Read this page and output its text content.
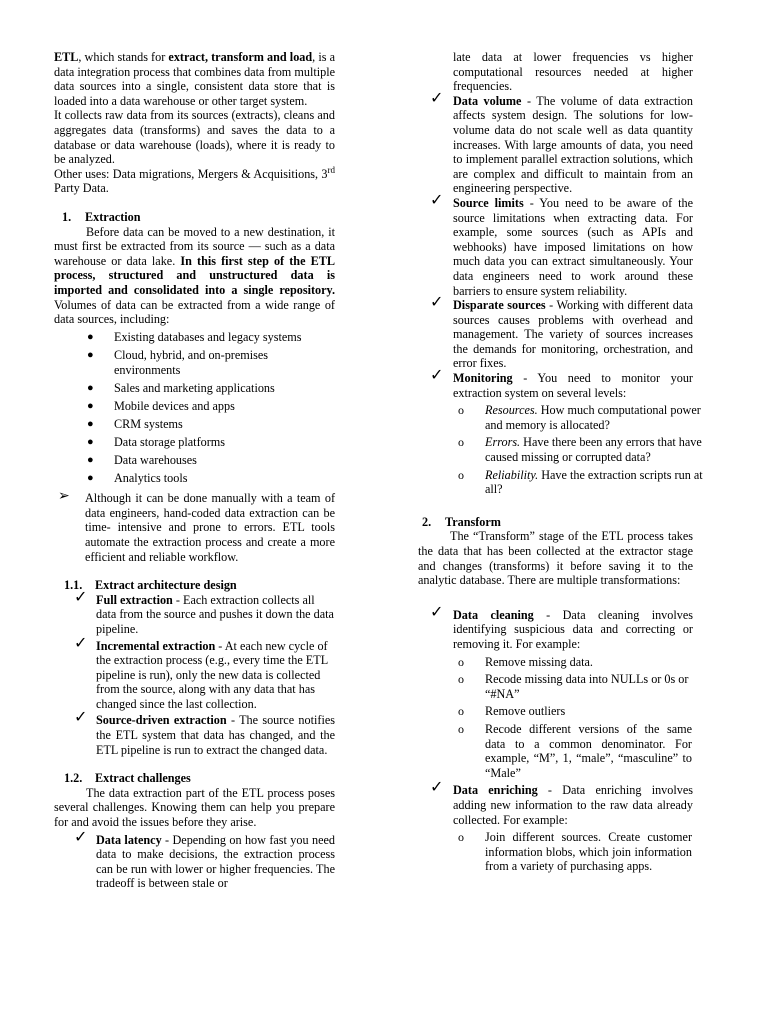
ETL, which stands for extract, transform and load, is a data integration process that combines data from multiple data sources into a single, consistent data store that is loaded into a data warehouse or other target system.

It collects raw data from its sources (extracts), cleans and aggregates data (transforms) and saves the data to a database or data warehouse (loads), where it is ready to be analyzed.

Other uses: Data migrations, Mergers & Acquisitions, 3rd Party Data.

1. Extraction

Before data can be moved to a new destination, it must first be extracted from its source — such as a data warehouse or data lake. In this first step of the ETL process, structured and unstructured data is imported and consolidated into a single repository. Volumes of data can be extracted from a wide range of data sources, including:

● Existing databases and legacy systems
● Cloud, hybrid, and on-premises environments
● Sales and marketing applications
● Mobile devices and apps
● CRM systems
● Data storage platforms
● Data warehouses
● Analytics tools

➢ Although it can be done manually with a team of data engineers, hand-coded data extraction can be time- intensive and prone to errors. ETL tools automate the extraction process and create a more efficient and reliable workflow.

1.1. Extract architecture design

✓ Full extraction - Each extraction collects all data from the source and pushes it down the data pipeline.

✓ Incremental extraction - At each new cycle of the extraction process (e.g., every time the ETL pipeline is run), only the new data is collected from the source, along with any data that has changed since the last collection.

✓ Source-driven extraction - The source notifies the ETL system that data has changed, and the ETL pipeline is run to extract the changed data.

1.2. Extract challenges

The data extraction part of the ETL process poses several challenges. Knowing them can help you prepare for and avoid the issues before they arise.

✓ Data latency - Depending on how fast you need data to make decisions, the extraction process can be run with lower or higher frequencies. The tradeoff is between stale or

late data at lower frequencies vs higher computational resources needed at higher frequencies.

✓ Data volume - The volume of data extraction affects system design. The solutions for low-volume data do not scale well as data quantity increases. With large amounts of data, you need to implement parallel extraction solutions, which are complex and difficult to maintain from an engineering perspective.

✓ Source limits - You need to be aware of the source limitations when extracting data. For example, some sources (such as APIs and webhooks) have imposed limitations on how much data you can extract simultaneously. Your data engineers need to work around these barriers to ensure system reliability.

✓ Disparate sources - Working with different data sources causes problems with overhead and management. The variety of sources increases the demands for monitoring, orchestration, and error fixes.

✓ Monitoring - You need to monitor your extraction system on several levels:

o Resources. How much computational power and memory is allocated?
o Errors. Have there been any errors that have caused missing or corrupted data?
o Reliability. Have the extraction scripts run at all?

2. Transform

The “Transform” stage of the ETL process takes the data that has been collected at the extractor stage and changes (transforms) it before saving it to the analytic database. There are multiple transformations:

✓ Data cleaning - Data cleaning involves identifying suspicious data and correcting or removing it. For example:

o Remove missing data.
o Recode missing data into NULLs or 0s or “#NA”
o Remove outliers
o Recode different versions of the same data to a common denominator. For example, “M”, 1, “male”, “masculine” to “Male”

✓ Data enriching - Data enriching involves adding new information to the raw data already collected. For example:

o Join different sources. Create customer information blobs, which join information from a variety of purchasing apps.
